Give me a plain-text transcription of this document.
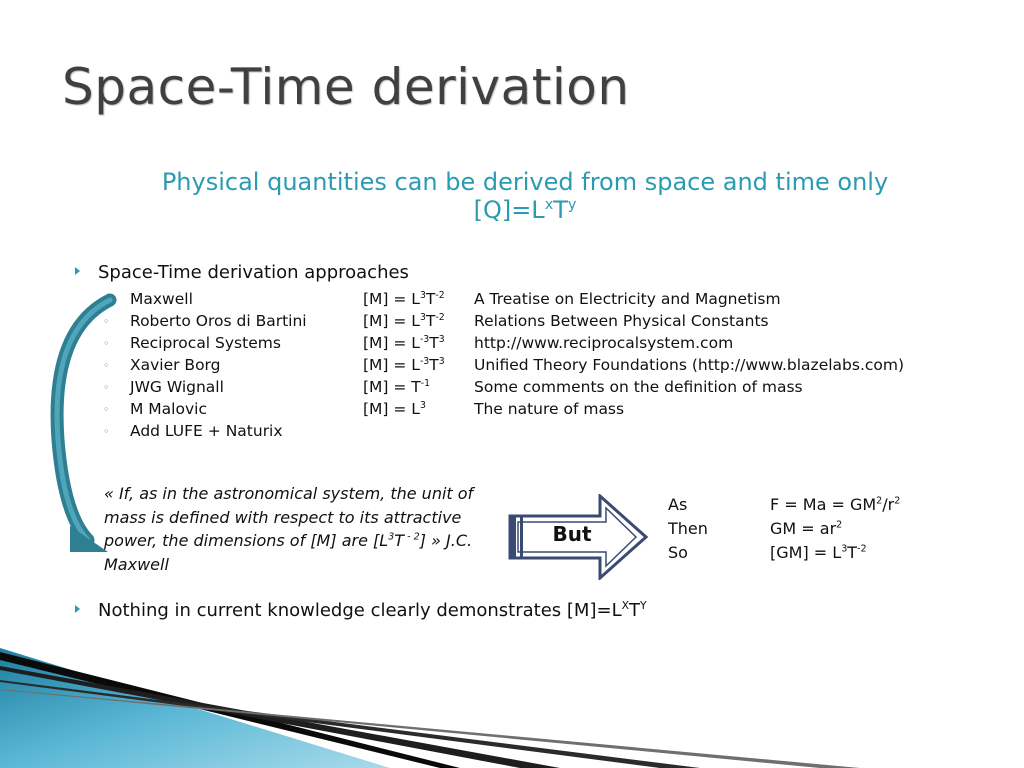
Space-Time derivation
Physical quantities can be derived from space and time only
$[Q]=L^xT^y$
Space-Time derivation approaches
◦	Maxwell	$[M] = L^3T^{-2}$	A Treatise on Electricity and Magnetism
◦	Roberto Oros di Bartini	$[M] = L^3T^{-2}$	Relations Between Physical Constants
◦	Reciprocal Systems	$[M] = L^{-3}T^3$	http://www.reciprocalsystem.com
◦	Xavier Borg	$[M] = L^{-3}T^3$	Unified Theory Foundations (http://www.blazelabs.com)
◦	JWG Wignall	$[M] = T^{-1}$	Some comments on the definition of mass
◦	M Malovic	$[M] = L^3$	The nature of mass
◦	Add LUFE + Naturix		
« If, as in the astronomical system, the unit of mass is defined with respect to its attractive power, the dimensions of [M] are [$L^3T$ $^{- 2}$] » J.C. Maxwell
But
As	$F = Ma = GM^2/r^2$
Then	GM = $ar^2$
So	$[GM] = L^3T^{-2}$
Nothing in current knowledge clearly demonstrates $[M]=L^XT^Y$
